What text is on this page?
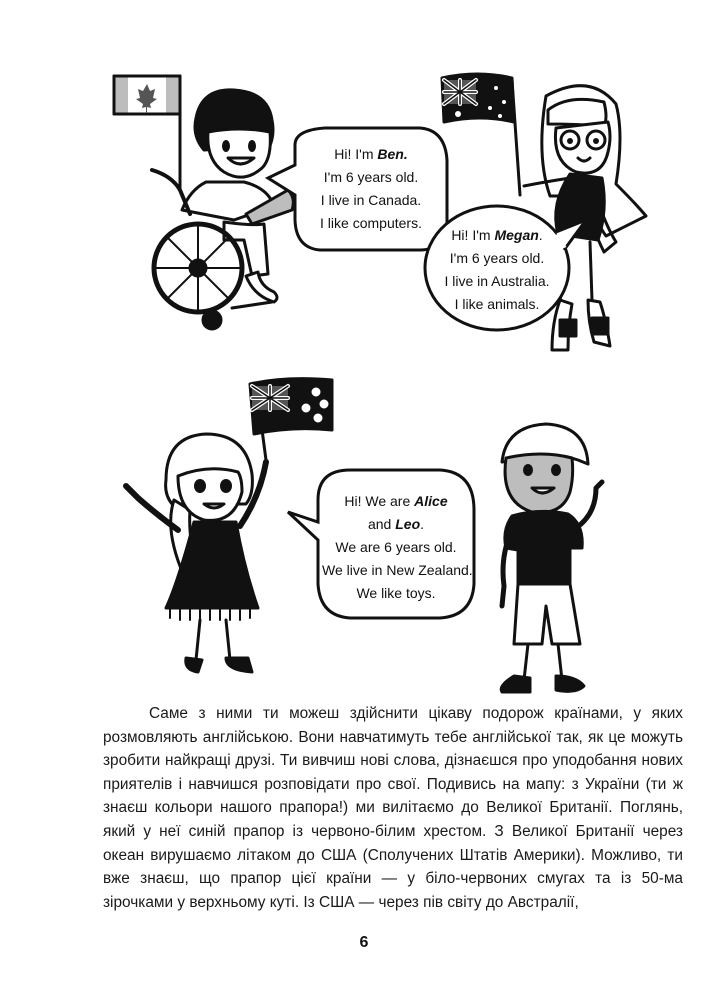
Hi! I'm Ben.
I'm 6 years old.
I live in Canada.
I like computers.
Hi! I'm Megan.
I'm 6 years old.
I live in Australia.
I like animals.
Hi! We are Alice
and Leo.
We are 6 years old.
We live in New Zealand.
We like toys.

Саме з ними ти можеш здійснити цікаву подорож країнами, у яких розмовляють англійською. Вони навчатимуть тебе англійської так, як це можуть зробити найкращі друзі. Ти вивчиш нові слова, дізнаєшся про уподобання нових приятелів і навчишся розповідати про свої. Подивись на мапу: з України (ти ж знаєш кольори нашого прапора!) ми вилітаємо до Великої Британії. Поглянь, який у неї синій прапор із червоно-білим хрестом. З Великої Британії через океан вирушаємо літаком до США (Сполучених Штатів Америки). Можливо, ти вже знаєш, що прапор цієї країни — у біло-червоних смугах та із 50-ма зірочками у верхньому куті. Із США — через пів світу до Австралії,

6
